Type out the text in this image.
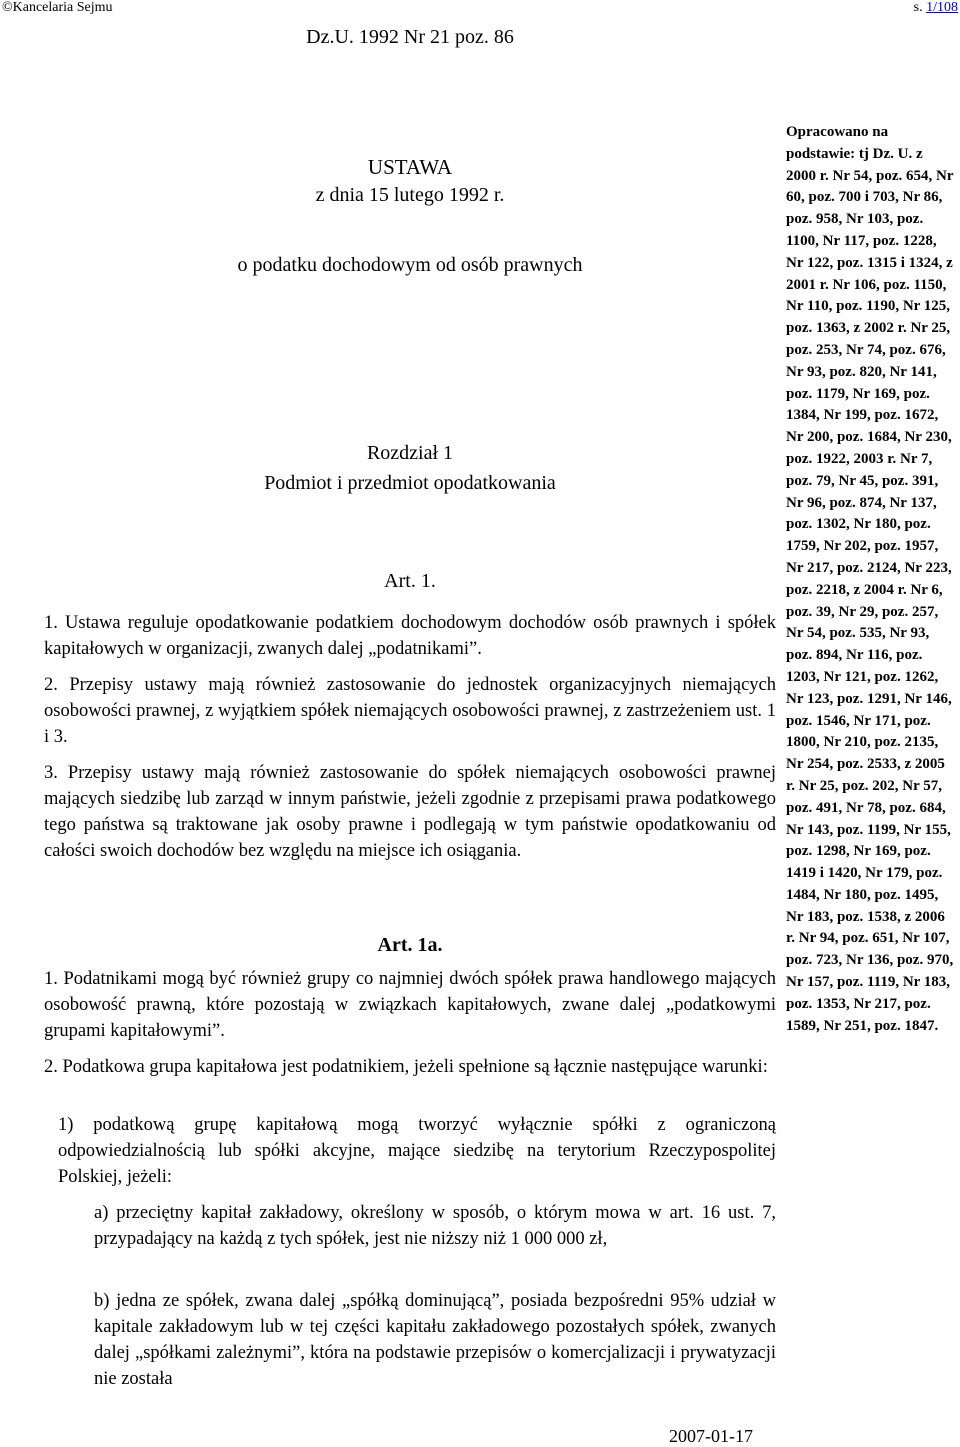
©Kancelaria Sejmu	s. 1/108
Dz.U. 1992 Nr 21 poz. 86
USTAWA
z dnia 15 lutego 1992 r.
o podatku dochodowym od osób prawnych
Rozdział 1
Podmiot i przedmiot opodatkowania
Art. 1.
1. Ustawa reguluje opodatkowanie podatkiem dochodowym dochodów osób prawnych i spółek kapitałowych w organizacji, zwanych dalej „podatnikami”.
2. Przepisy ustawy mają również zastosowanie do jednostek organizacyjnych niemających osobowości prawnej, z wyjątkiem spółek niemających osobowości prawnej, z zastrzeżeniem ust. 1 i 3.
3. Przepisy ustawy mają również zastosowanie do spółek niemających osobowości prawnej mających siedzibę lub zarząd w innym państwie, jeżeli zgodnie z przepisami prawa podatkowego tego państwa są traktowane jak osoby prawne i podlegają w tym państwie opodatkowaniu od całości swoich dochodów bez względu na miejsce ich osiągania.
Art. 1a.
1. Podatnikami mogą być również grupy co najmniej dwóch spółek prawa handlowego mających osobowość prawną, które pozostają w związkach kapitałowych, zwane dalej „podatkowymi grupami kapitałowymi”.
2. Podatkowa grupa kapitałowa jest podatnikiem, jeżeli spełnione są łącznie następujące warunki:
1) podatkową grupę kapitałową mogą tworzyć wyłącznie spółki z ograniczoną odpowiedzialnością lub spółki akcyjne, mające siedzibę na terytorium Rzeczypospolitej Polskiej, jeżeli:
a) przeciętny kapitał zakładowy, określony w sposób, o którym mowa w art. 16 ust. 7, przypadający na każdą z tych spółek, jest nie niższy niż 1 000 000 zł,
b) jedna ze spółek, zwana dalej „spółką dominującą”, posiada bezpośredni 95% udział w kapitale zakładowym lub w tej części kapitału zakładowego pozostałych spółek, zwanych dalej „spółkami zależnymi”, która na podstawie przepisów o komercjalizacji i prywatyzacji nie została
Opracowano na podstawie: tj Dz. U. z 2000 r. Nr 54, poz. 654, Nr 60, poz. 700 i 703, Nr 86, poz. 958, Nr 103, poz. 1100, Nr 117, poz. 1228, Nr 122, poz. 1315 i 1324, z 2001 r. Nr 106, poz. 1150, Nr 110, poz. 1190, Nr 125, poz. 1363, z 2002 r. Nr 25, poz. 253, Nr 74, poz. 676, Nr 93, poz. 820, Nr 141, poz. 1179, Nr 169, poz. 1384, Nr 199, poz. 1672, Nr 200, poz. 1684, Nr 230, poz. 1922, 2003 r. Nr 7, poz. 79, Nr 45, poz. 391, Nr 96, poz. 874, Nr 137, poz. 1302, Nr 180, poz. 1759, Nr 202, poz. 1957, Nr 217, poz. 2124, Nr 223, poz. 2218, z 2004 r. Nr 6, poz. 39, Nr 29, poz. 257, Nr 54, poz. 535, Nr 93, poz. 894, Nr 116, poz. 1203, Nr 121, poz. 1262, Nr 123, poz. 1291, Nr 146, poz. 1546, Nr 171, poz. 1800, Nr 210, poz. 2135, Nr 254, poz. 2533, z 2005 r. Nr 25, poz. 202, Nr 57, poz. 491, Nr 78, poz. 684, Nr 143, poz. 1199, Nr 155, poz. 1298, Nr 169, poz. 1419 i 1420, Nr 179, poz. 1484, Nr 180, poz. 1495, Nr 183, poz. 1538, z 2006 r. Nr 94, poz. 651, Nr 107, poz. 723, Nr 136, poz. 970, Nr 157, poz. 1119, Nr 183, poz. 1353, Nr 217, poz. 1589, Nr 251, poz. 1847.
2007-01-17
